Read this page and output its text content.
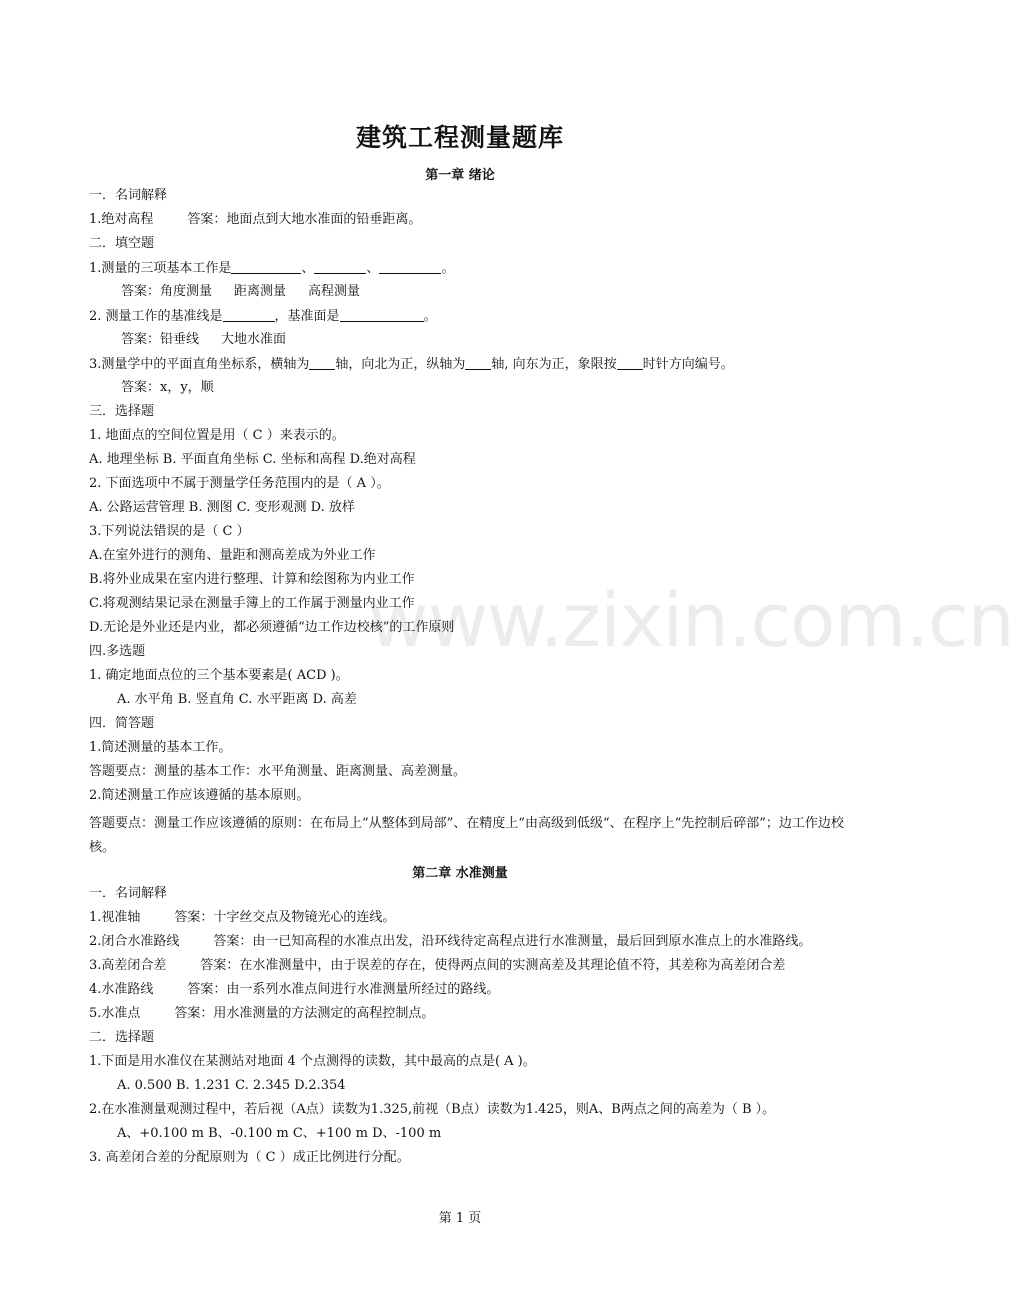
www.zixin.com.cn
建筑工程测量题库
第一章 绪论
一．名词解释
1.绝对高程	答案：地面点到大地水准面的铅垂距离。
二．填空题
1.测量的三项基本工作是	、	、	。
答案：角度测量 距离测量 高程测量
2. 测量工作的基准线是	，基准面是	。
答案：铅垂线 大地水准面
3.测量学中的平面直角坐标系，横轴为 轴，向北为正，纵轴为 轴, 向东为正，象限按 时针方向编号。
答案：x，y，顺
三．选择题
1. 地面点的空间位置是用（ C ）来表示的。
A. 地理坐标 B. 平面直角坐标 C. 坐标和高程 D.绝对高程
2. 下面选项中不属于测量学任务范围内的是（ A ）。
A. 公路运营管理 B. 测图 C. 变形观测 D. 放样
3.下列说法错误的是（ C ）
A.在室外进行的测角、量距和测高差成为外业工作
B.将外业成果在室内进行整理、计算和绘图称为内业工作
C.将观测结果记录在测量手簿上的工作属于测量内业工作
D.无论是外业还是内业，都必须遵循“边工作边校核”的工作原则
四.多选题
1. 确定地面点位的三个基本要素是( ACD )。
A. 水平角 B. 竖直角 C. 水平距离 D. 高差
四．简答题
1.简述测量的基本工作。
答题要点：测量的基本工作：水平角测量、距离测量、高差测量。
2.简述测量工作应该遵循的基本原则。
答题要点：测量工作应该遵循的原则：在布局上“从整体到局部”、在精度上“由高级到低级“、在程序上“先控制后碎部”；边工作边校核。
第二章 水准测量
一．名词解释
1.视准轴	答案：十字丝交点及物镜光心的连线。
2.闭合水准路线	答案：由一已知高程的水准点出发，沿环线待定高程点进行水准测量，最后回到原水准点上的水准路线。
3.高差闭合差	答案：在水准测量中，由于误差的存在，使得两点间的实测高差及其理论值不符，其差称为高差闭合差
4.水准路线	答案：由一系列水准点间进行水准测量所经过的路线。
5.水准点	答案：用水准测量的方法测定的高程控制点。
二．选择题
1.下面是用水准仪在某测站对地面 4 个点测得的读数，其中最高的点是( A )。
A. 0.500 B. 1.231 C. 2.345 D.2.354
2.在水准测量观测过程中，若后视（A点）读数为1.325,前视（B点）读数为1.425，则A、B两点之间的高差为（ B ）。
A、+0.100 m B、-0.100 m C、+100 m D、-100 m
3. 高差闭合差的分配原则为（ C ）成正比例进行分配。
第 1 页
